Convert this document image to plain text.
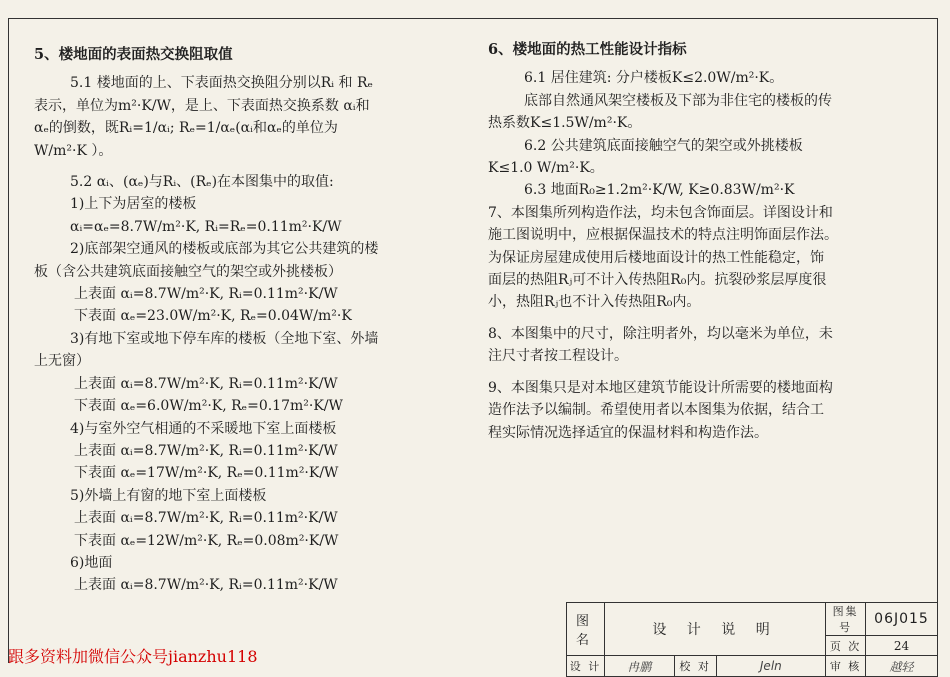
5、楼地面的表面热交换阻取值
5.1 楼地面的上、下表面热交换阻分别以Rᵢ 和 Rₑ
表示，单位为m²·K/W，是上、下表面热交换系数 αᵢ和
αₑ的倒数，既Rᵢ=1/αᵢ; Rₑ=1/αₑ(αᵢ和αₑ的单位为
W/m²·K ）。
5.2 αᵢ、(αₑ)与Rᵢ、(Rₑ)在本图集中的取值:
1)上下为居室的楼板
αᵢ=αₑ=8.7W/m²·K, Rᵢ=Rₑ=0.11m²·K/W
2)底部架空通风的楼板或底部为其它公共建筑的楼
板（含公共建筑底面接触空气的架空或外挑楼板）
上表面 αᵢ=8.7W/m²·K, Rᵢ=0.11m²·K/W
下表面 αₑ=23.0W/m²·K, Rₑ=0.04W/m²·K
3)有地下室或地下停车库的楼板（全地下室、外墙
上无窗）
上表面 αᵢ=8.7W/m²·K, Rᵢ=0.11m²·K/W
下表面 αₑ=6.0W/m²·K, Rₑ=0.17m²·K/W
4)与室外空气相通的不采暖地下室上面楼板
上表面 αᵢ=8.7W/m²·K, Rᵢ=0.11m²·K/W
下表面 αₑ=17W/m²·K, Rₑ=0.11m²·K/W
5)外墙上有窗的地下室上面楼板
上表面 αᵢ=8.7W/m²·K, Rᵢ=0.11m²·K/W
下表面 αₑ=12W/m²·K, Rₑ=0.08m²·K/W
6)地面
上表面 αᵢ=8.7W/m²·K, Rᵢ=0.11m²·K/W
6、楼地面的热工性能设计指标
6.1 居住建筑: 分户楼板K≤2.0W/m²·K。
底部自然通风架空楼板及下部为非住宅的楼板的传
热系数K≤1.5W/m²·K。
6.2 公共建筑底面接触空气的架空或外挑楼板
K≤1.0 W/m²·K。
6.3 地面R₀≥1.2m²·K/W, K≥0.83W/m²·K
7、本图集所列构造作法，均未包含饰面层。详图设计和
施工图说明中，应根据保温技术的特点注明饰面层作法。
为保证房屋建成使用后楼地面设计的热工性能稳定，饰
面层的热阻Rⱼ可不计入传热阻R₀内。抗裂砂浆层厚度很
小，热阻Rⱼ也不计入传热阻R₀内。
8、本图集中的尺寸，除注明者外，均以毫米为单位，未
注尺寸者按工程设计。
9、本图集只是对本地区建筑节能设计所需要的楼地面构
造作法予以编制。希望使用者以本图集为依据，结合工
程实际情况选择适宜的保温材料和构造作法。
图 名	设 计 说 明			图集号	06J015
				页 次	24
设 计	冉鹏	校 对	Jeln	审 核	越轻
跟多资料加微信公众号jianzhu118
